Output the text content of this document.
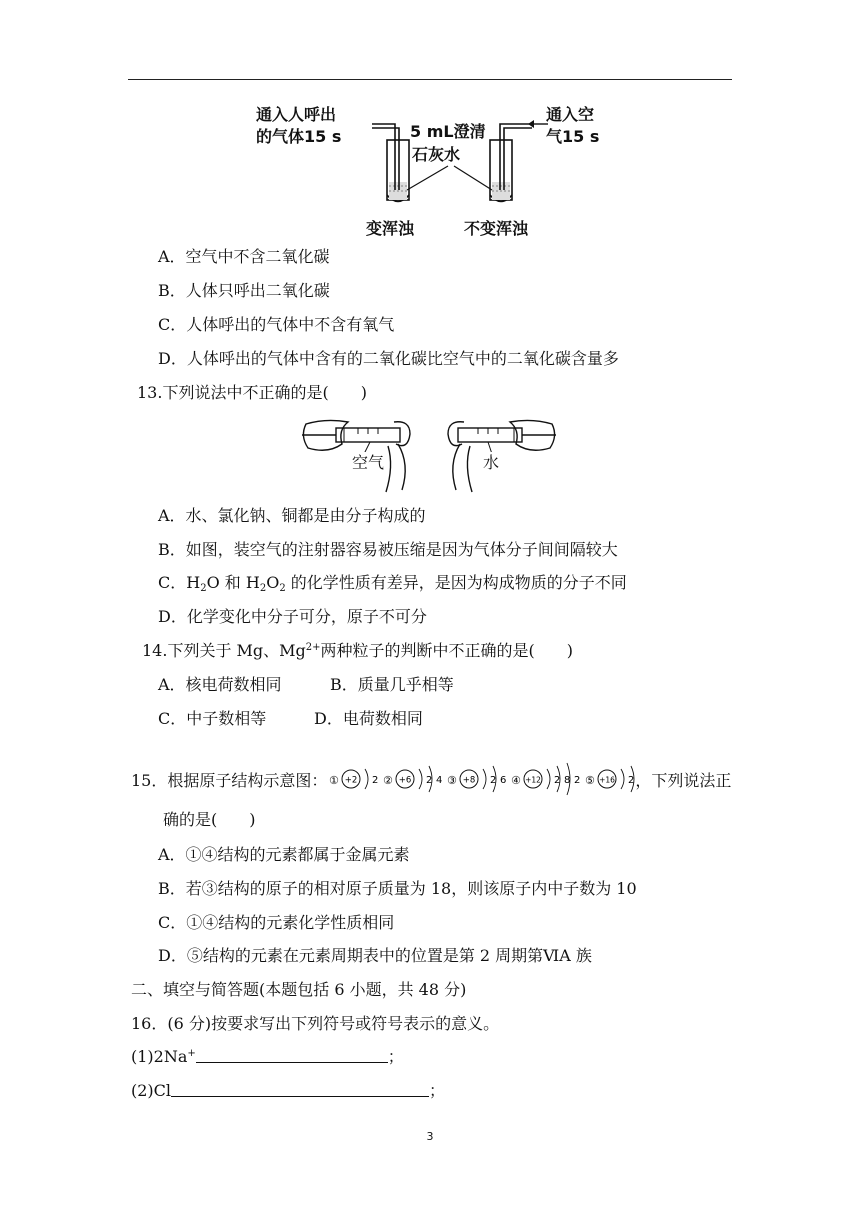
通入人呼出
的气体15 s
通入空
气15 s
5 mL澄清
石灰水
变浑浊	不变浑浊
A．空气中不含二氧化碳
B．人体只呼出二氧化碳
C．人体呼出的气体中不含有氧气
D．人体呼出的气体中含有的二氧化碳比空气中的二氧化碳含量多
13.下列说法中不正确的是(　　)
空气	水
A．水、氯化钠、铜都是由分子构成的
B．如图，装空气的注射器容易被压缩是因为气体分子间间隔较大
C．$H_2O$ 和 $H_2O_2$ 的化学性质有差异，是因为构成物质的分子不同
D．化学变化中分子可分，原子不可分
14.下列关于 Mg、$Mg^{2+}$两种粒子的判断中不正确的是(　　)
A．核电荷数相同	B．质量几乎相等
C．中子数相等	D．电荷数相同
15．根据原子结构示意图： ① +2 2 ② +6 2 4 ③ +8 2 6 ④ +12 2 8 2 ⑤ +16 2 ，下列说法正
确的是(　　)
A．①④结构的元素都属于金属元素
B．若③结构的原子的相对原子质量为 18，则该原子内中子数为 10
C．①④结构的元素化学性质相同
D．⑤结构的元素在元素周期表中的位置是第 2 周期第ⅥA 族
二、填空与简答题(本题包括 6 小题，共 48 分)
16．(6 分)按要求写出下列符号或符号表示的意义。
(1)2Na+	；
(2)Cl	；
3
